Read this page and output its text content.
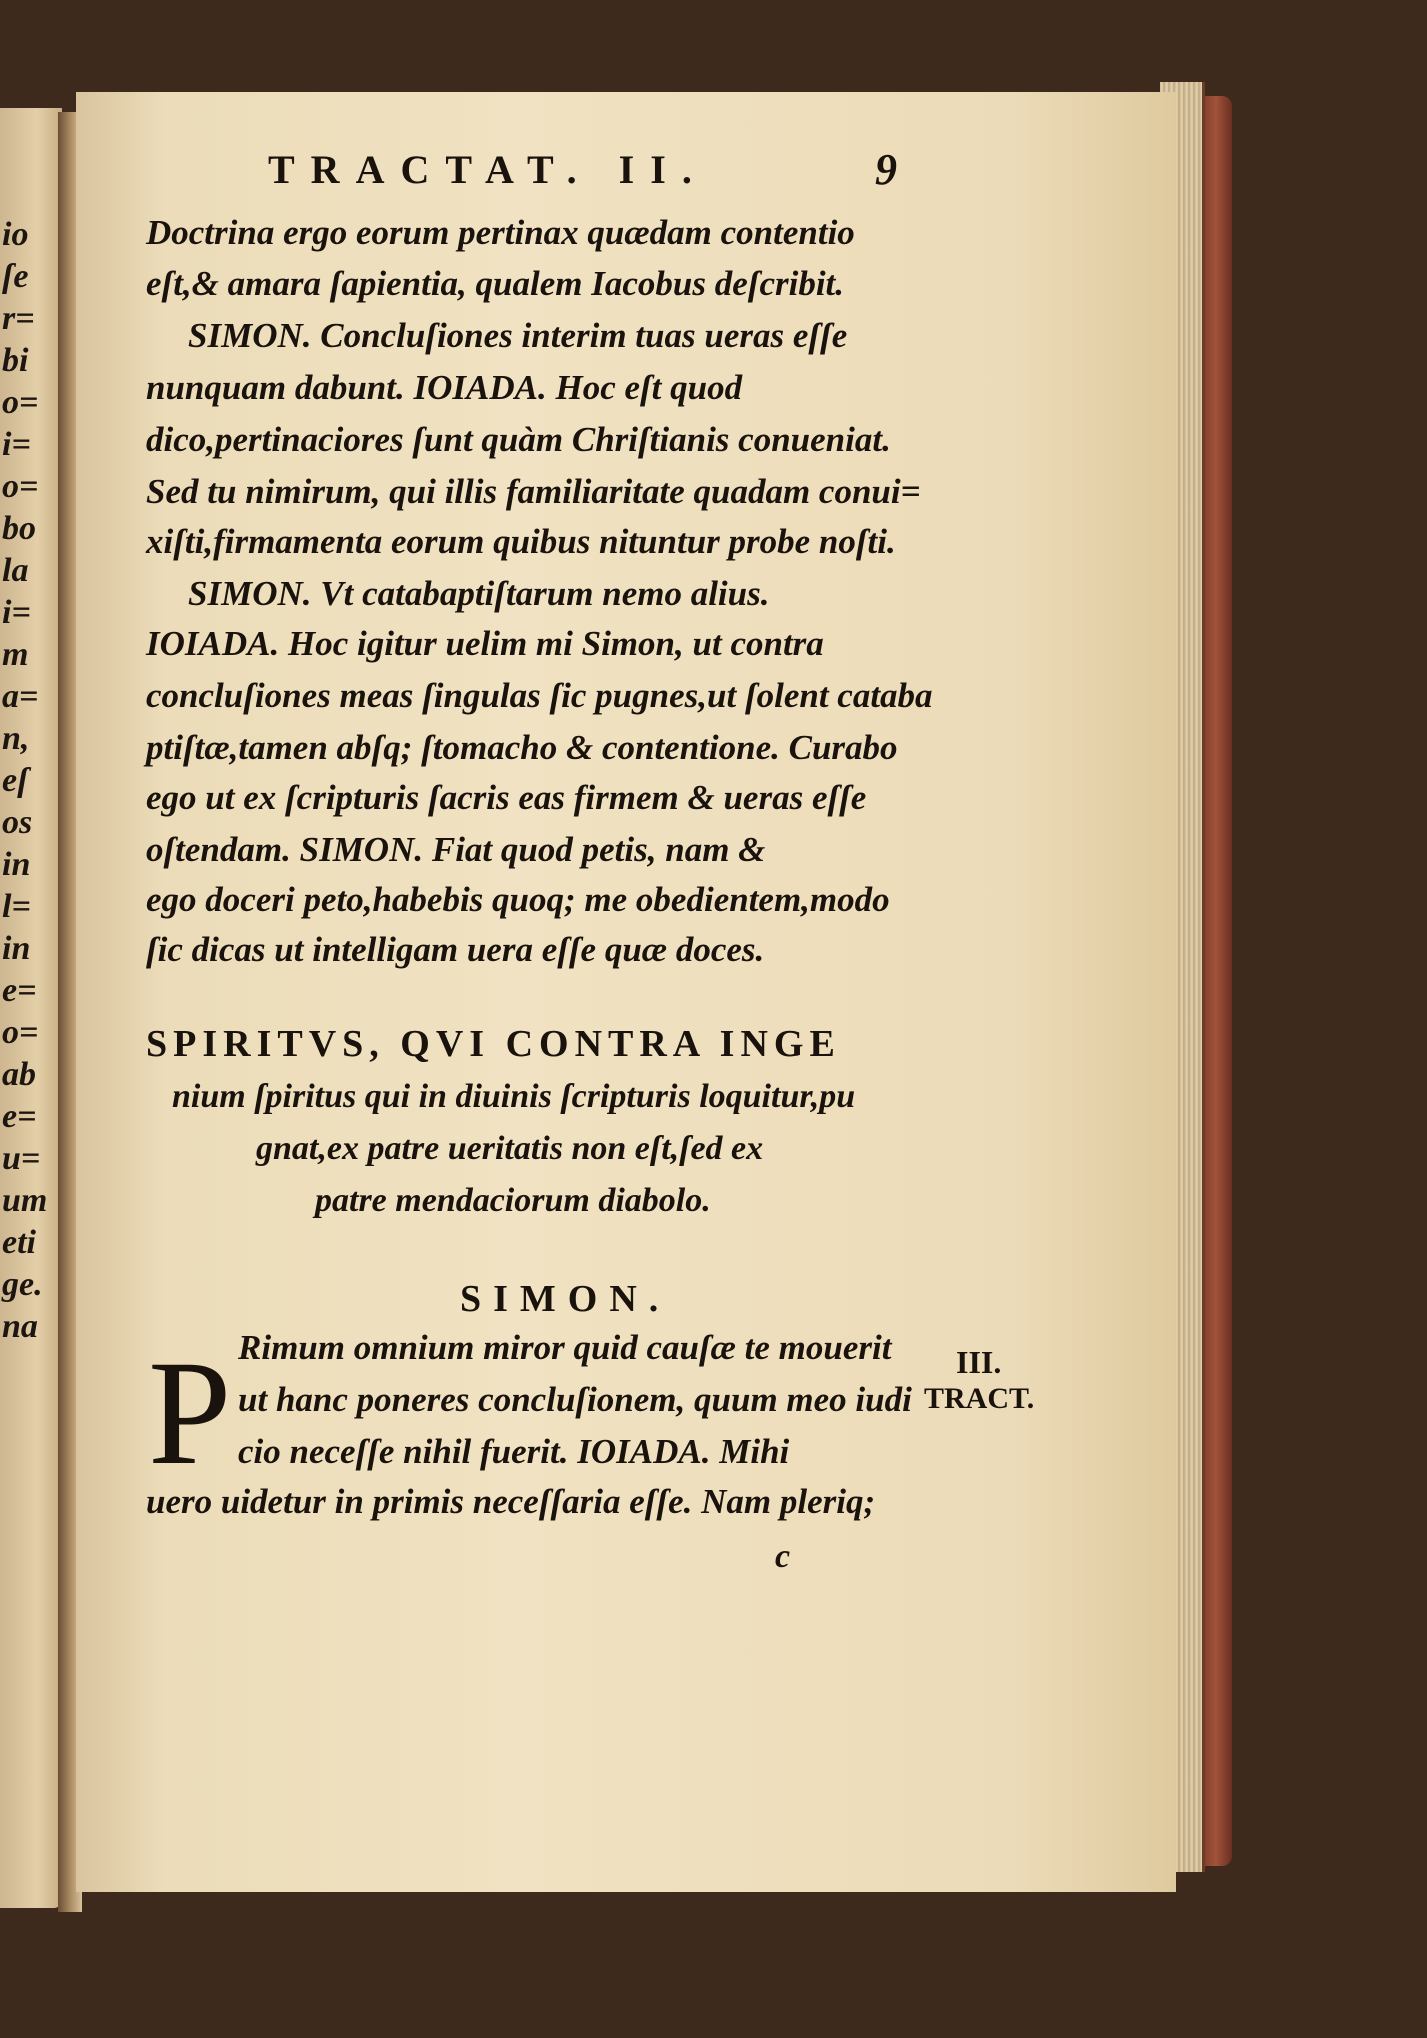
io
ſe
r=
bi
o=
i=
o=
bo
la
i=
m
a=
n,
eſ
os
in
l=
in
e=
o=
ab
e=
u=
um
eti
ge.
na
TRACTAT. II.	9
Doctrina ergo eorum pertinax quædam contentio
eſt,& amara ſapientia, qualem Iacobus deſcribit.
SIMON. Concluſiones interim tuas ueras eſſe
nunquam dabunt. IOIADA. Hoc eſt quod
dico,pertinaciores ſunt quàm Chriſtianis conueniat.
Sed tu nimirum, qui illis familiaritate quadam conui=
xiſti,firmamenta eorum quibus nituntur probe noſti.
SIMON. Vt catabaptiſtarum nemo alius.
IOIADA. Hoc igitur uelim mi Simon, ut contra
concluſiones meas ſingulas ſic pugnes,ut ſolent cataba
ptiſtæ,tamen abſq; ſtomacho & contentione. Curabo
ego ut ex ſcripturis ſacris eas firmem & ueras eſſe
oſtendam. SIMON. Fiat quod petis, nam &
ego doceri peto,habebis quoq; me obedientem,modo
ſic dicas ut intelligam uera eſſe quæ doces.
SPIRITVS, QVI CONTRA INGE
nium ſpiritus qui in diuinis ſcripturis loquitur,pu
gnat,ex patre ueritatis non eſt,ſed ex
patre mendaciorum diabolo.
SIMON.
P Rimum omnium miror quid cauſæ te mouerit
ut hanc poneres concluſionem, quum meo iudi
cio neceſſe nihil fuerit. IOIADA. Mihi
uero uidetur in primis neceſſaria eſſe. Nam pleriq;
III.
TRACT.
c
